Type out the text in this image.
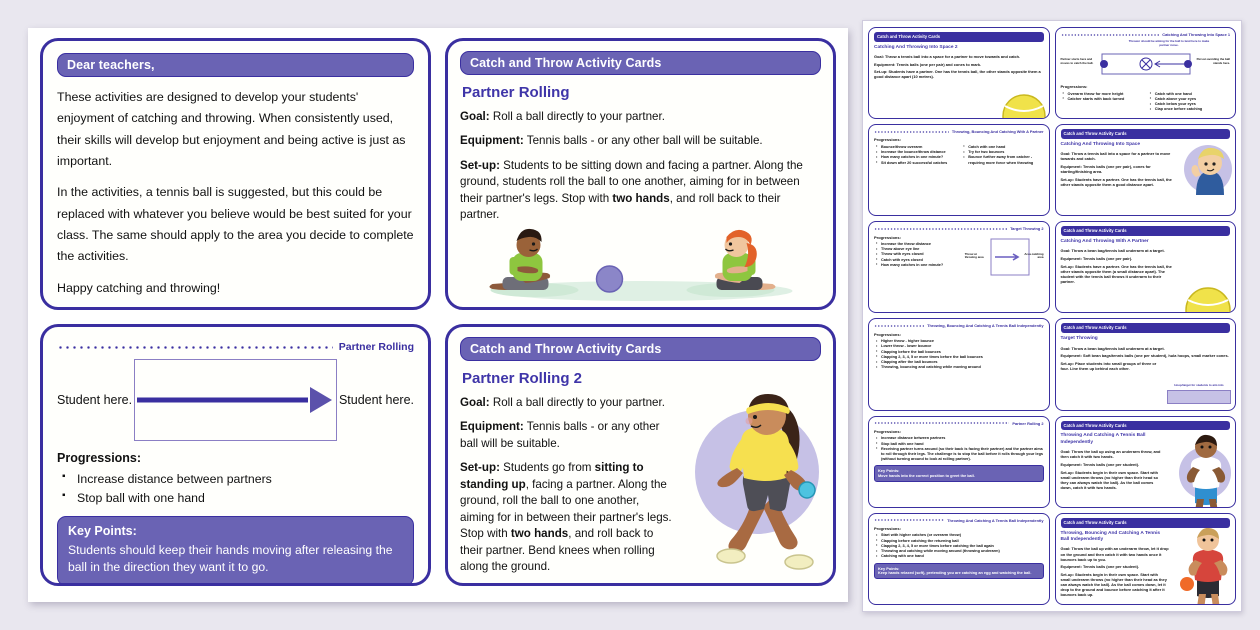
Dear teachers,
These activities are designed to develop your students' enjoyment of catching and throwing. When consistently used, their skills will develop but enjoyment and being active is just as important.
In the activities, a tennis ball is suggested, but this could be replaced with whatever you believe would be best suited for your class. The same should apply to the area you decide to complete the activities.
Happy catching and throwing!
Catch and Throw Activity Cards
Partner Rolling
Goal: Roll a ball directly to your partner.
Equipment: Tennis balls - or any other ball will be suitable.
Set-up: Students to be sitting down and facing a partner. Along the ground, students roll the ball to one another, aiming for in between their partner's legs. Stop with two hands, and roll back to their partner.
Partner Rolling
Student here.	Student here.
Progressions:
▪ Increase distance between partners
▪ Stop ball with one hand
Key Points:
Students should keep their hands moving after releasing the ball in the direction they want it to go.
Catch and Throw Activity Cards
Partner Rolling 2
Goal: Roll a ball directly to your partner.
Equipment: Tennis balls - or any other ball will be suitable.
Set-up: Students go from sitting to standing up, facing a partner. Along the ground, roll the ball to one another, aiming for in between their partner's legs. Stop with two hands, and roll back to their partner. Bend knees when rolling along the ground.
Catch and Throw Activity Cards
Catching And Throwing Into Space 2
Goal: Throw a tennis ball into a space for a partner to move towards and catch.
Equipment: Tennis balls (one per pair) and cones to mark.
Set-up: Students have a partner. One has the tennis ball, the other stands opposite them a good distance apart (10 metres).
Catching And Throwing Into Space 1
Thrower should be aiming for the ball to land here to make partner move.
Partner starts here and moves to catch the ball.
Person avoiding the ball stands here.
Progressions:
• Overarm throw for more height
• Catcher starts with back turned
• Catch with one hand
• Catch above your eyes
• Catch below your eyes
• Clap once before catching
Throwing, Bouncing And Catching With A Partner
Progressions:
• Bounce/throw overarm
• Increase the bounce/throw distance
• How many catches in one minute?
• Sit down after 20 successful catches
• Catch with one hand
• Try for two bounces
• Bounce further away from catcher - requiring more force when throwing
Catch and Throw Activity Cards
Catching And Throwing Into Space
Goal: Throw a tennis ball into a space for a partner to move towards and catch.
Equipment: Tennis balls (one per pair), cones for starting/finishing area.
Set-up: Students have a partner. One has the tennis ball, the other stands opposite them a good distance apart.
Target Throwing 2
Progressions:
• Increase the throw distance
• Throw above eye line
• Throw with eyes closed
• Catch with eyes closed
• How many catches in one minute?
Throw at throwing area
Area catching area
Catch and Throw Activity Cards
Catching And Throwing With A Partner
Goal: Throw a bean bag/tennis ball underarm at a target.
Equipment: Tennis balls (one per pair).
Set-up: Students have a partner. One has the tennis ball, the other stands opposite them (a small distance apart). The student with the tennis ball throws it underarm to their partner.
Throwing, Bouncing And Catching A Tennis Ball Independently
Progressions:
• Higher throw - higher bounce
• Lower throw - lower bounce
• Clapping before the ball bounces
• Clapping 2, 3, 4, 5 or more times before the ball bounces
• Clapping after the ball bounces
• Throwing, bouncing and catching while moving around
Catch and Throw Activity Cards
Target Throwing
Goal: Throw a bean bag/tennis ball underarm at a target.
Equipment: Soft bean bags/tennis balls (one per student), hula hoops, small marker cones.
Set-up: Place students into small groups of three or four. Line them up behind each other.
Hoop/target for students to aim into
Partner Rolling 2
Progressions:
• Increase distance between partners
• Stop ball with one hand
• Receiving partner turns around (so their back is facing their partner) and the partner aims to roll through their legs. The challenge is to stop the ball before it rolls through your legs (without turning around to look at rolling partner).
Key Points:
Move hands into the correct position to greet the ball.
Catch and Throw Activity Cards
Throwing And Catching A Tennis Ball Independently
Goal: Throw the ball up using an underarm throw, and then catch it with two hands.
Equipment: Tennis balls (one per student).
Set-up: Students begin in their own space. Start with small underarm throws (no higher than their head so they can always watch the ball). As the ball comes down, catch it with two hands.
Throwing And Catching A Tennis Ball Independently
Progressions:
• Start with higher catches (or overarm throw)
• Clapping before catching the returning ball
• Clapping 2, 3, 4, 5 or more times before catching the ball again
• Throwing and catching while moving around (throwing underarm)
• Catching with one hand
Key Points:
Keep hands relaxed (soft), pretending you are catching an egg and watching the ball.
Catch and Throw Activity Cards
Throwing, Bouncing And Catching A Tennis Ball Independently
Goal: Throw the ball up with an underarm throw, let it drop on the ground and then catch it with two hands once it bounces back up to you.
Equipment: Tennis balls (one per student).
Set-up: Students begin in their own space. Start with small underarm throws (no higher than their head as they can always watch the ball). As the ball comes down, let it drop to the ground and bounce before catching it after it bounces back up.
